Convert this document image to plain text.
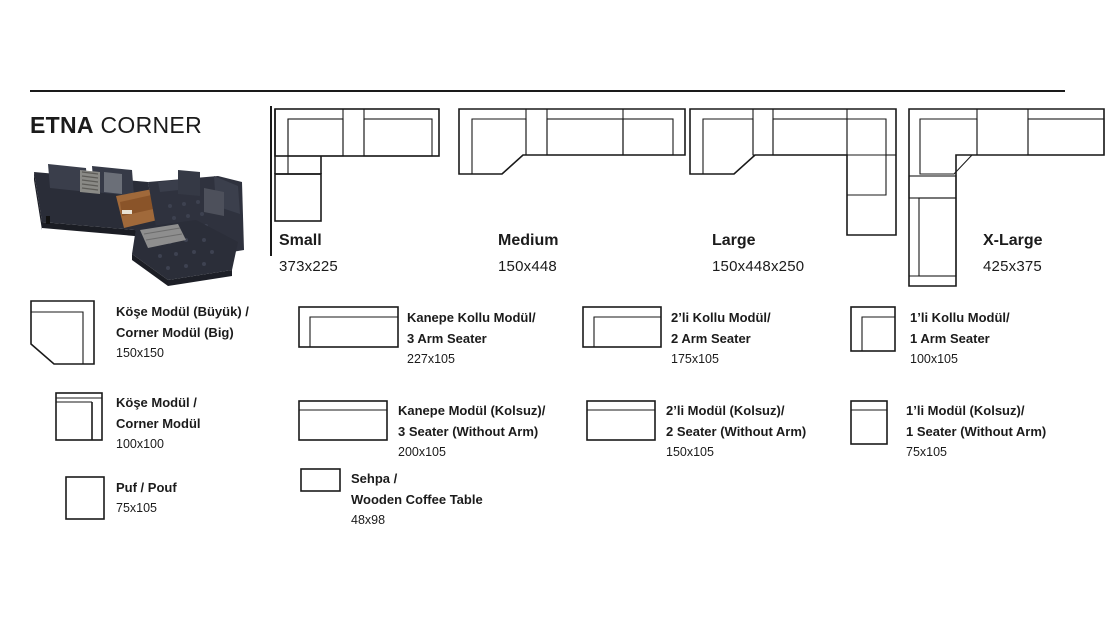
ETNA CORNER
Small
373x225
Medium
150x448
Large
150x448x250
X-Large
425x375
Köşe Modül (Büyük) /
Corner Modül (Big)
150x150
Köşe Modül /
Corner Modül
100x100
Puf / Pouf
75x105
Kanepe Kollu Modül/
3 Arm Seater
227x105
Kanepe Modül (Kolsuz)/
3 Seater (Without Arm)
200x105
Sehpa /
Wooden Coffee Table
48x98
2’li Kollu Modül/
2 Arm Seater
175x105
2’li Modül (Kolsuz)/
2 Seater (Without Arm)
150x105
1’li Kollu Modül/
1 Arm Seater
100x105
1’li Modül (Kolsuz)/
1 Seater (Without Arm)
75x105
